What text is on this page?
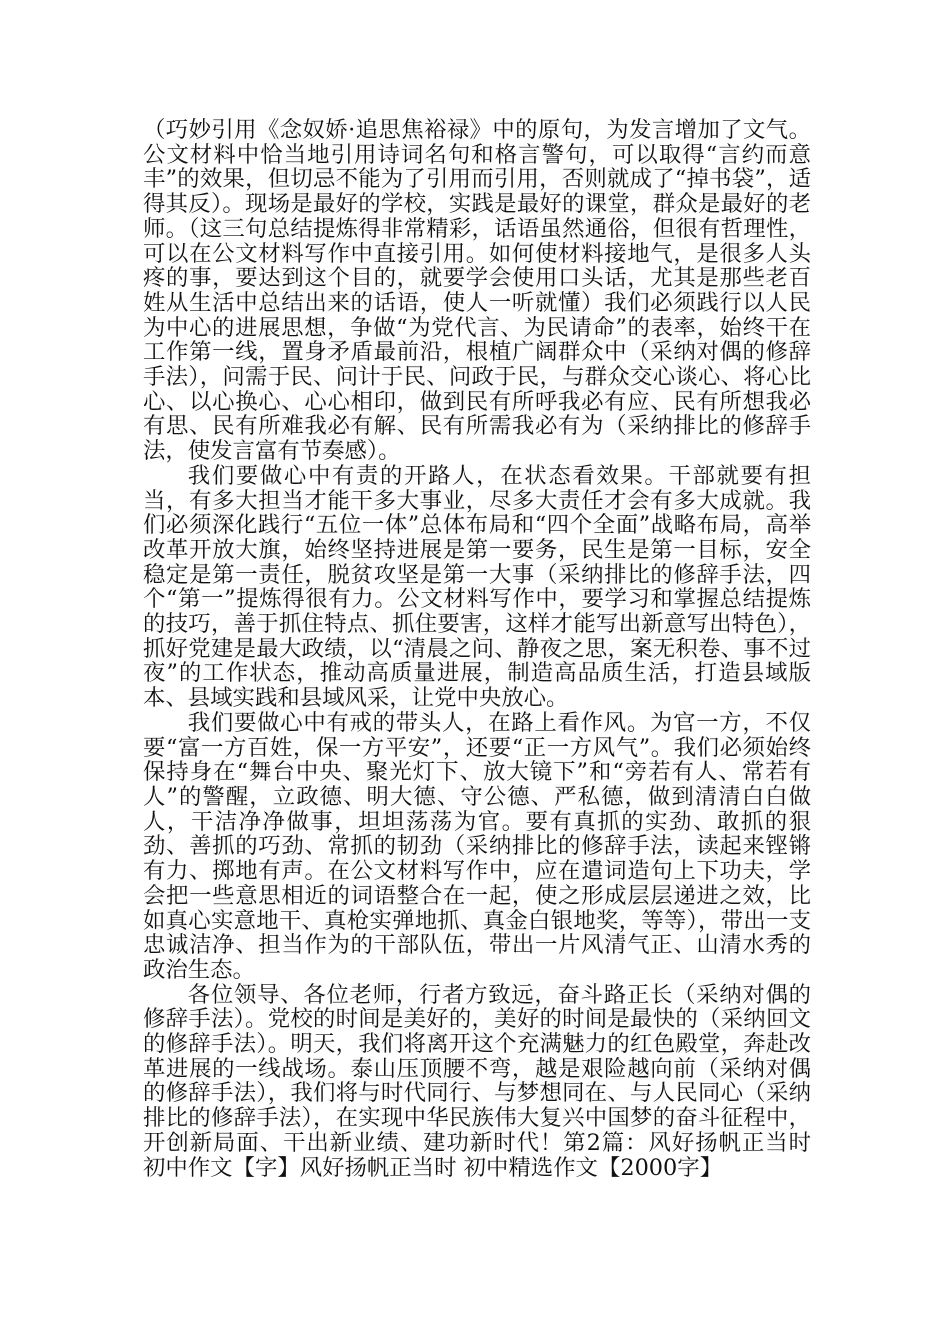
（巧妙引用《念奴娇·追思焦裕禄》中的原句，为发言增加了文气。公文材料中恰当地引用诗词名句和格言警句，可以取得“言约而意丰”的效果，但切忌不能为了引用而引用，否则就成了“掉书袋”，适得其反）。现场是最好的学校，实践是最好的课堂，群众是最好的老师。（这三句总结提炼得非常精彩，话语虽然通俗，但很有哲理性，可以在公文材料写作中直接引用。如何使材料接地气，是很多人头疼的事，要达到这个目的，就要学会使用口头话，尤其是那些老百姓从生活中总结出来的话语，使人一听就懂）我们必须践行以人民为中心的进展思想，争做“为党代言、为民请命”的表率，始终干在工作第一线，置身矛盾最前沿，根植广阔群众中（采纳对偶的修辞手法），问需于民、问计于民、问政于民，与群众交心谈心、将心比心、以心换心、心心相印，做到民有所呼我必有应、民有所想我必有思、民有所难我必有解、民有所需我必有为（采纳排比的修辞手法，使发言富有节奏感）。

我们要做心中有责的开路人，在状态看效果。干部就要有担当，有多大担当才能干多大事业，尽多大责任才会有多大成就。我们必须深化践行“五位一体”总体布局和“四个全面”战略布局，高举改革开放大旗，始终坚持进展是第一要务，民生是第一目标，安全稳定是第一责任，脱贫攻坚是第一大事（采纳排比的修辞手法，四个“第一”提炼得很有力。公文材料写作中，要学习和掌握总结提炼的技巧，善于抓住特点、抓住要害，这样才能写出新意写出特色），抓好党建是最大政绩，以“清晨之问、静夜之思，案无积卷、事不过夜”的工作状态，推动高质量进展，制造高品质生活，打造县域版本、县域实践和县域风采，让党中央放心。

我们要做心中有戒的带头人，在路上看作风。为官一方，不仅要“富一方百姓，保一方平安”，还要“正一方风气”。我们必须始终保持身在“舞台中央、聚光灯下、放大镜下”和“旁若有人、常若有人”的警醒，立政德、明大德、守公德、严私德，做到清清白白做人，干洁净净做事，坦坦荡荡为官。要有真抓的实劲、敢抓的狠劲、善抓的巧劲、常抓的韧劲（采纳排比的修辞手法，读起来铿锵有力、掷地有声。在公文材料写作中，应在遣词造句上下功夫，学会把一些意思相近的词语整合在一起，使之形成层层递进之效，比如真心实意地干、真枪实弹地抓、真金白银地奖，等等），带出一支忠诚洁净、担当作为的干部队伍，带出一片风清气正、山清水秀的政治生态。

各位领导、各位老师，行者方致远，奋斗路正长（采纳对偶的修辞手法）。党校的时间是美好的，美好的时间是最快的（采纳回文的修辞手法）。明天，我们将离开这个充满魅力的红色殿堂，奔赴改革进展的一线战场。泰山压顶腰不弯，越是艰险越向前（采纳对偶的修辞手法），我们将与时代同行、与梦想同在、与人民同心（采纳排比的修辞手法），在实现中华民族伟大复兴中国梦的奋斗征程中，开创新局面、干出新业绩、建功新时代！第2篇：风好扬帆正当时 初中作文【字】风好扬帆正当时 初中精选作文【2000字】
